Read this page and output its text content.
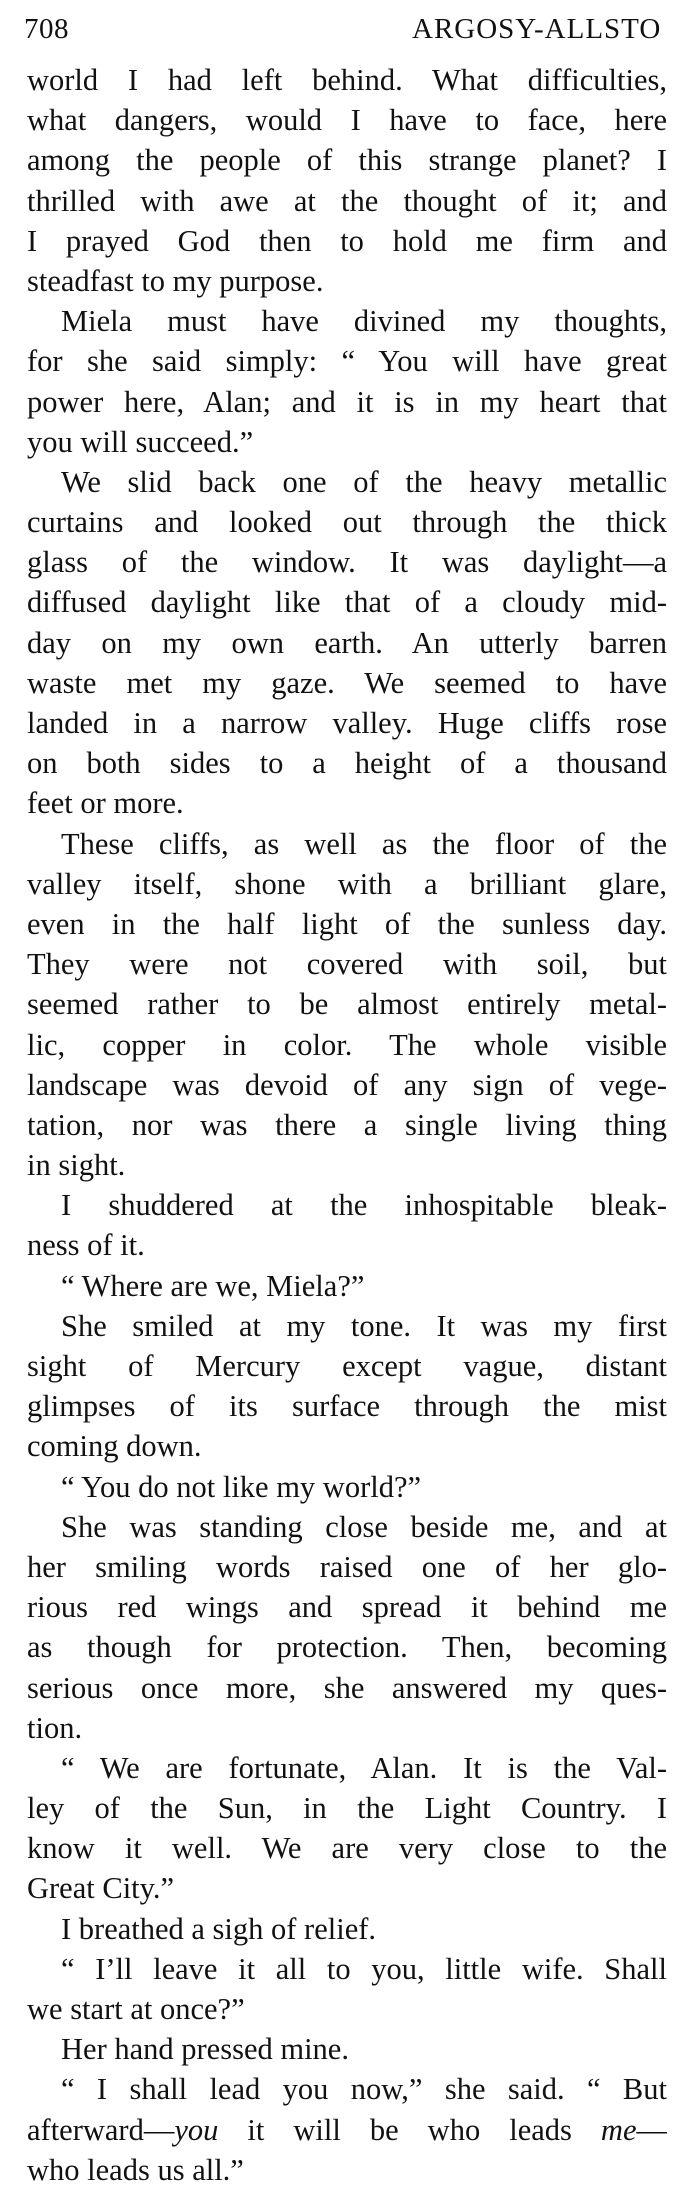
708	ARGOSY-ALLSTO
world I had left behind. What difficulties,
what dangers, would I have to face, here
among the people of this strange planet? I
thrilled with awe at the thought of it; and
I prayed God then to hold me firm and
steadfast to my purpose.
Miela must have divined my thoughts,
for she said simply: “ You will have great
power here, Alan; and it is in my heart that
you will succeed.”
We slid back one of the heavy metallic
curtains and looked out through the thick
glass of the window. It was daylight—a
diffused daylight like that of a cloudy mid-
day on my own earth. An utterly barren
waste met my gaze. We seemed to have
landed in a narrow valley. Huge cliffs rose
on both sides to a height of a thousand
feet or more.
These cliffs, as well as the floor of the
valley itself, shone with a brilliant glare,
even in the half light of the sunless day.
They were not covered with soil, but
seemed rather to be almost entirely metal-
lic, copper in color. The whole visible
landscape was devoid of any sign of vege-
tation, nor was there a single living thing
in sight.
I shuddered at the inhospitable bleak-
ness of it.
“ Where are we, Miela?”
She smiled at my tone. It was my first
sight of Mercury except vague, distant
glimpses of its surface through the mist
coming down.
“ You do not like my world?”
She was standing close beside me, and at
her smiling words raised one of her glo-
rious red wings and spread it behind me
as though for protection. Then, becoming
serious once more, she answered my ques-
tion.
“ We are fortunate, Alan. It is the Val-
ley of the Sun, in the Light Country. I
know it well. We are very close to the
Great City.”
I breathed a sigh of relief.
“ I’ll leave it all to you, little wife. Shall
we start at once?”
Her hand pressed mine.
“ I shall lead you now,” she said. “ But
afterward—you it will be who leads me—
who leads us all.”
